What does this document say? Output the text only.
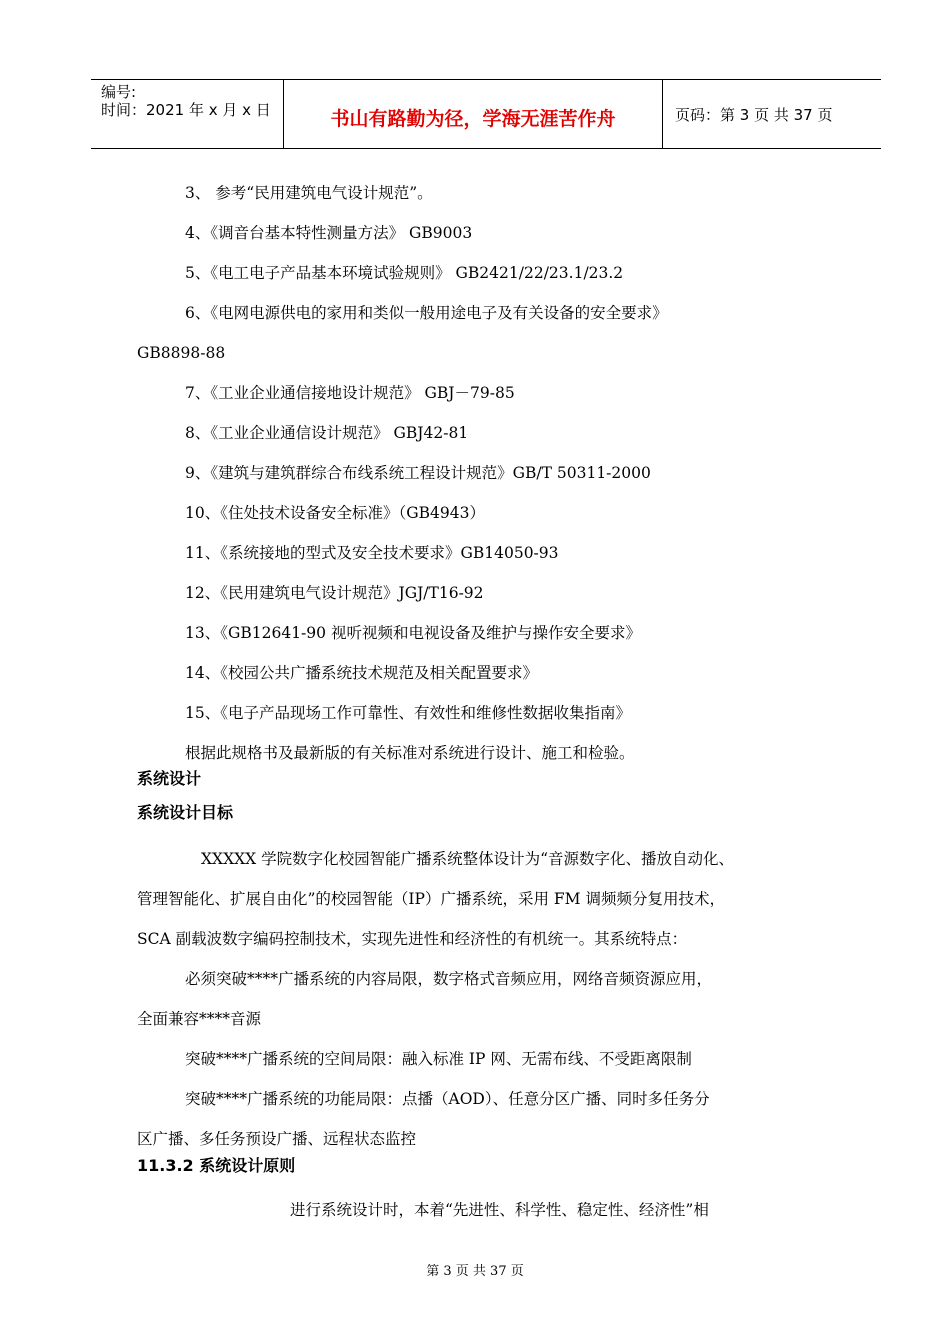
编号:
时间：2021 年 x 月 x 日	书山有路勤为径，学海无涯苦作舟	页码：第 3 页 共 37 页
3、 参考“民用建筑电气设计规范”。
4、《调音台基本特性测量方法》 GB9003
5、《电工电子产品基本环境试验规则》 GB2421/22/23.1/23.2
6、《电网电源供电的家用和类似一般用途电子及有关设备的安全要求》
GB8898-88
7、《工业企业通信接地设计规范》 GBJ－79-85
8、《工业企业通信设计规范》 GBJ42-81
9、《建筑与建筑群综合布线系统工程设计规范》GB/T 50311-2000
10、《住处技术设备安全标准》（GB4943）
11、《系统接地的型式及安全技术要求》GB14050-93
12、《民用建筑电气设计规范》JGJ/T16-92
13、《GB12641-90 视听视频和电视设备及维护与操作安全要求》
14、《校园公共广播系统技术规范及相关配置要求》
15、《电子产品现场工作可靠性、有效性和维修性数据收集指南》
根据此规格书及最新版的有关标准对系统进行设计、施工和检验。
系统设计
系统设计目标
XXXXX 学院数字化校园智能广播系统整体设计为“音源数字化、播放自动化、
管理智能化、扩展自由化”的校园智能（IP）广播系统，采用 FM 调频频分复用技术，
SCA 副载波数字编码控制技术，实现先进性和经济性的有机统一。其系统特点：
必须突破****广播系统的内容局限，数字格式音频应用，网络音频资源应用，
全面兼容****音源
突破****广播系统的空间局限：融入标准 IP 网、无需布线、不受距离限制
突破****广播系统的功能局限：点播（AOD）、任意分区广播、同时多任务分
区广播、多任务预设广播、远程状态监控
11.3.2 系统设计原则
进行系统设计时，本着“先进性、科学性、稳定性、经济性”相
第 3 页 共 37 页
